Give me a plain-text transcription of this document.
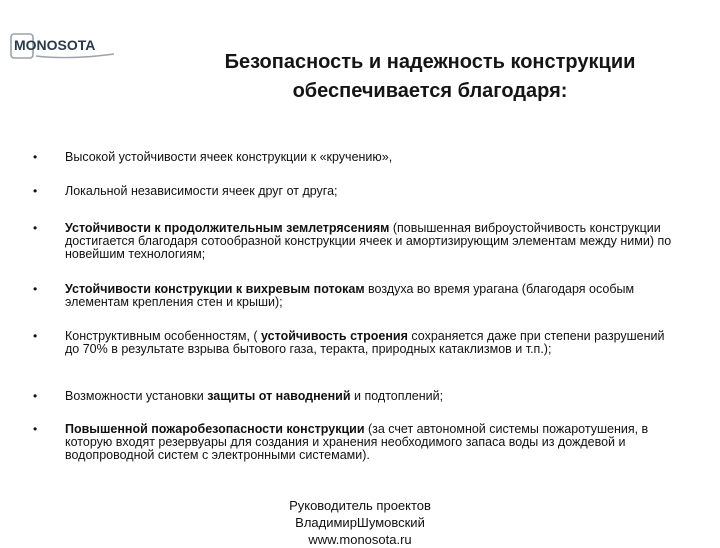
MONOSOTA
Безопасность и надежность конструкции
обеспечивается благодаря:
•	Высокой устойчивости ячеек конструкции к «кручению»,
•	Локальной независимости ячеек друг от друга;
•	Устойчивости к продолжительным землетрясениям (повышенная виброустойчивость конструкции достигается благодаря сотообразной конструкции ячеек и амортизирующим элементам между ними) по новейшим технологиям;
•	Устойчивости конструкции к вихревым потокам воздуха во время урагана (благодаря особым элементам крепления стен и крыши);
•	Конструктивным особенностям, ( устойчивость строения сохраняется даже при степени разрушений до 70% в результате взрыва бытового газа, теракта, природных катаклизмов и т.п.);
•	Возможности установки защиты от наводнений и подтоплений;
•	Повышенной пожаробезопасности конструкции (за счет автономной системы пожаротушения, в которую входят резервуары для создания и хранения необходимого запаса воды из дождевой и водопроводной систем с электронными системами).
Руководитель проектов
ВладимирШумовский
www.monosota.ru
